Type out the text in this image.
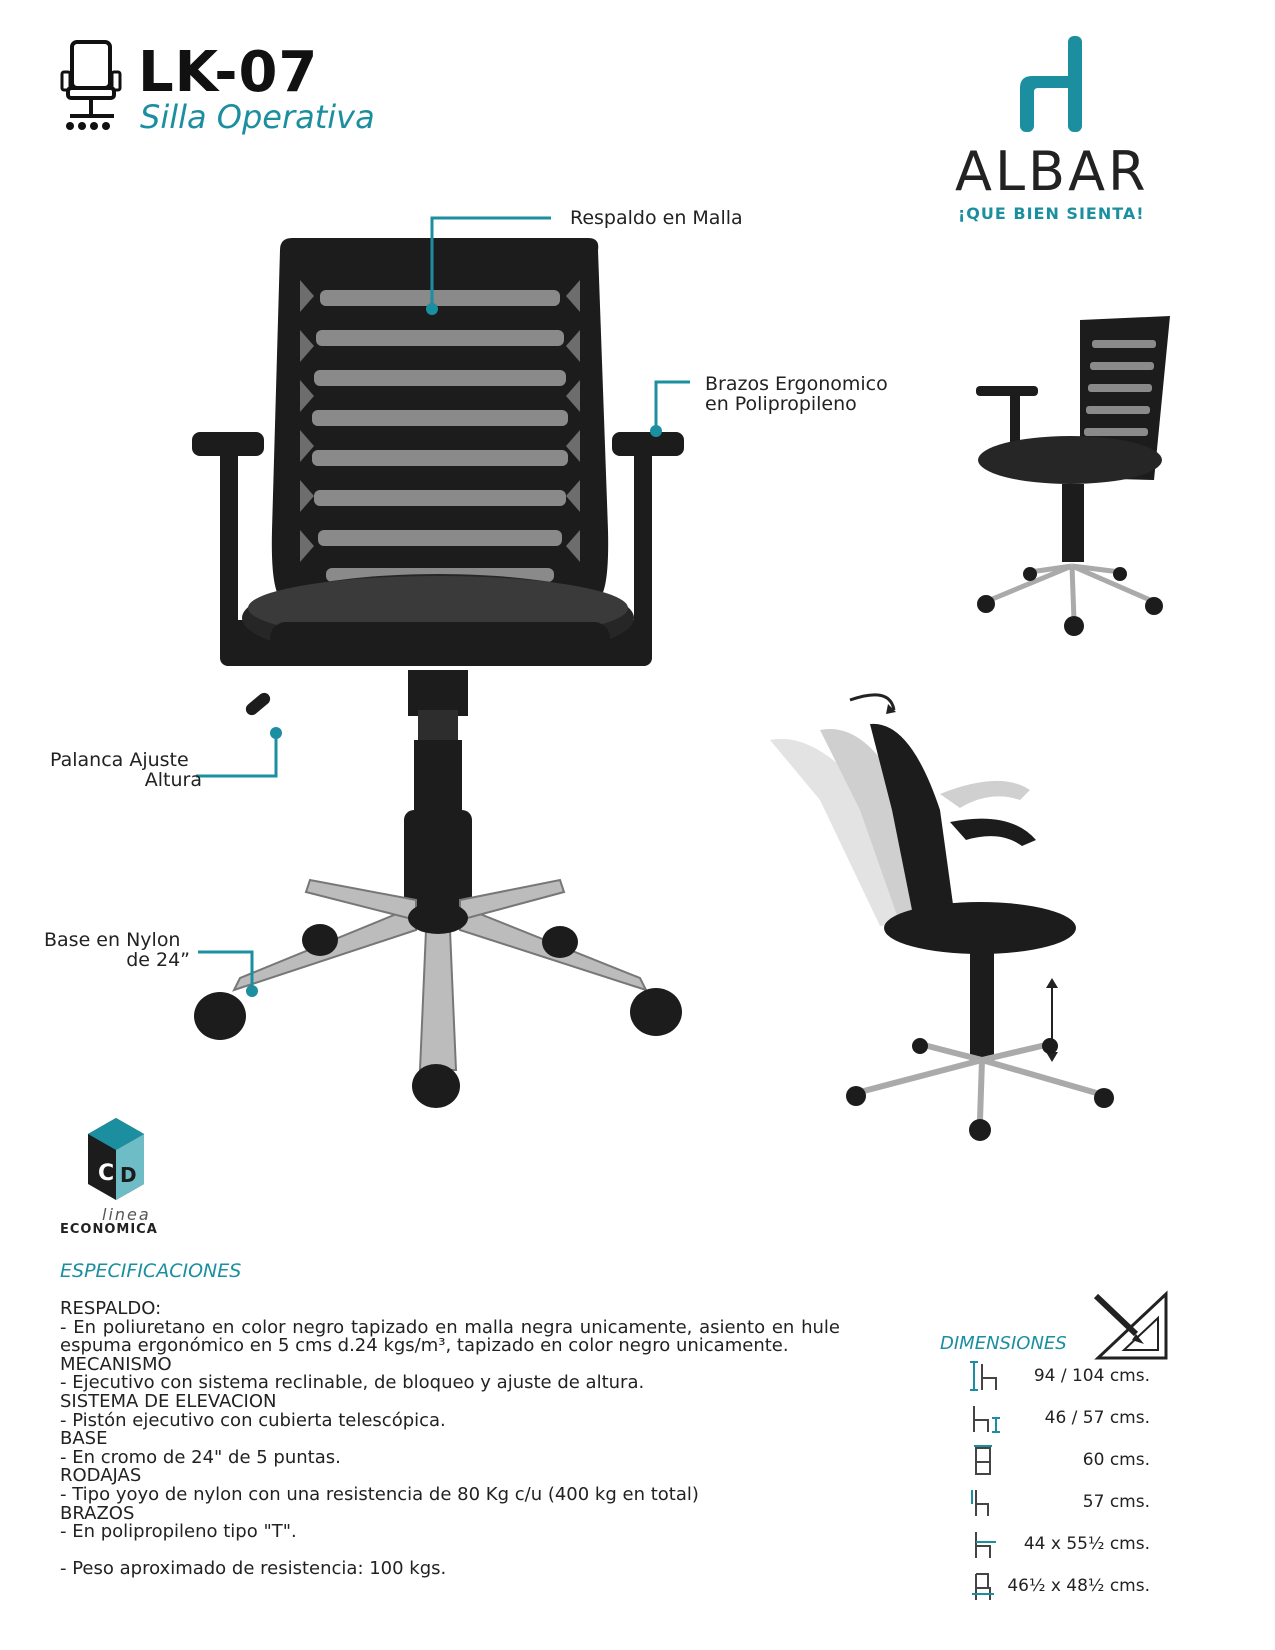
LK-07
Silla Operativa
ALBAR
¡QUE BIEN SIENTA!
Respaldo en Malla
Brazos Ergonomico
en Polipropileno
Palanca Ajuste
Altura
Base en Nylon
de 24”
C D
linea
ECONOMICA
ESPECIFICACIONES
RESPALDO:
- En poliuretano en color negro tapizado en malla negra unicamente, asiento en hule espuma ergonómico en 5 cms d.24 kgs/m³, tapizado en color negro unicamente.
MECANISMO
- Ejecutivo con sistema reclinable, de bloqueo y ajuste de altura.
SISTEMA DE ELEVACION
- Pistón ejecutivo con cubierta telescópica.
BASE
- En cromo de 24" de 5 puntas.
RODAJAS
- Tipo yoyo de nylon con una resistencia de 80 Kg c/u (400 kg en total)
BRAZOS
- En polipropileno tipo "T".
- Peso aproximado de resistencia: 100 kgs.
DIMENSIONES
94 / 104 cms.
46 / 57 cms.
60 cms.
57 cms.
44 x 55½ cms.
46½ x 48½ cms.
